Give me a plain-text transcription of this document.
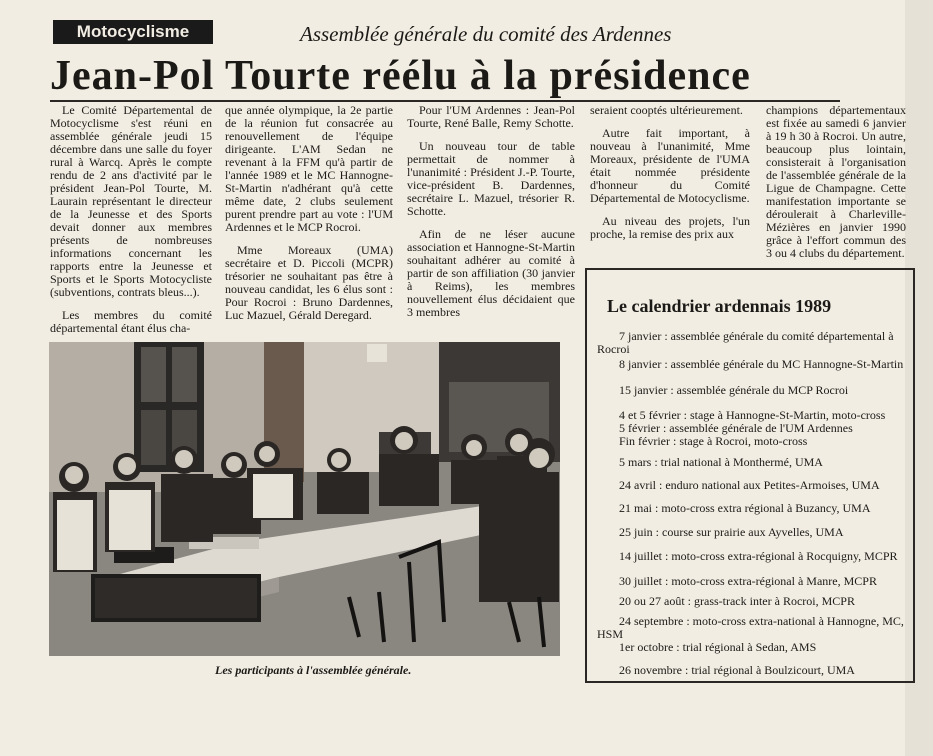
Motocyclisme	Assemblée générale du comité des Ardennes
Jean-Pol Tourte réélu à la présidence

Le Comité Départemental de Motocyclisme s'est réuni en assemblée générale jeudi 15 décembre dans une salle du foyer rural à Warcq. Après le compte rendu de 2 ans d'activité par le président Jean-Pol Tourte, M. Laurain représentant le directeur de la Jeunesse et des Sports devait donner aux membres présents de nombreuses informations concernant les rapports entre la Jeunesse et Sports et le Sports Motocycliste (subventions, contrats bleus...).

Les membres du comité départemental étant élus cha-

que année olympique, la 2e partie de la réunion fut consacrée au renouvellement de l'équipe dirigeante. L'AM Sedan ne revenant à la FFM qu'à partir de l'année 1989 et le MC Hannogne-St-Martin n'adhérant qu'à cette même date, 2 clubs seulement purent prendre part au vote : l'UM Ardennes et le MCP Rocroi.

Mme Moreaux (UMA) secrétaire et D. Piccoli (MCPR) trésorier ne souhaitant pas être à nouveau candidat, les 6 élus sont : Pour Rocroi : Bruno Dardennes, Luc Mazuel, Gérald Deregard.

Pour l'UM Ardennes : Jean-Pol Tourte, René Balle, Remy Schotte.

Un nouveau tour de table permettait de nommer à l'unanimité : Président J.-P. Tourte, vice-président B. Dardennes, secrétaire L. Mazuel, trésorier R. Schotte.

Afin de ne léser aucune association et Hannogne-St-Martin souhaitant adhérer au comité à partir de son affiliation (30 janvier à Reims), les membres nouvellement élus décidaient que 3 membres

seraient cooptés ultérieurement.

Autre fait important, à nouveau à l'unanimité, Mme Moreaux, présidente de l'UMA était nommée présidente d'honneur du Comité Départemental de Motocyclisme.

Au niveau des projets, l'un proche, la remise des prix aux

champions départementaux est fixée au samedi 6 janvier à 19 h 30 à Rocroi. Un autre, beaucoup plus lointain, consisterait à l'organisation de l'assemblée générale de la Ligue de Champagne. Cette manifestation importante se déroulerait à Charleville-Mézières en janvier 1990 grâce à l'effort commun des 3 ou 4 clubs du département.

Les participants à l'assemblée générale.
Le calendrier ardennais 1989
7 janvier : assemblée générale du comité départemental à Rocroi
8 janvier : assemblée générale du MC Hannogne-St-Martin
15 janvier : assemblée générale du MCP Rocroi
4 et 5 février : stage à Hannogne-St-Martin, moto-cross
5 février : assemblée générale de l'UM Ardennes
Fin février : stage à Rocroi, moto-cross
5 mars : trial national à Monthermé, UMA
24 avril : enduro national aux Petites-Armoises, UMA
21 mai : moto-cross extra régional à Buzancy, UMA
25 juin : course sur prairie aux Ayvelles, UMA
14 juillet : moto-cross extra-régional à Rocquigny, MCPR
30 juillet : moto-cross extra-régional à Manre, MCPR
20 ou 27 août : grass-track inter à Rocroi, MCPR
24 septembre : moto-cross extra-national à Hannogne, MC, HSM
1er octobre : trial régional à Sedan, AMS
26 novembre : trial régional à Boulzicourt, UMA
